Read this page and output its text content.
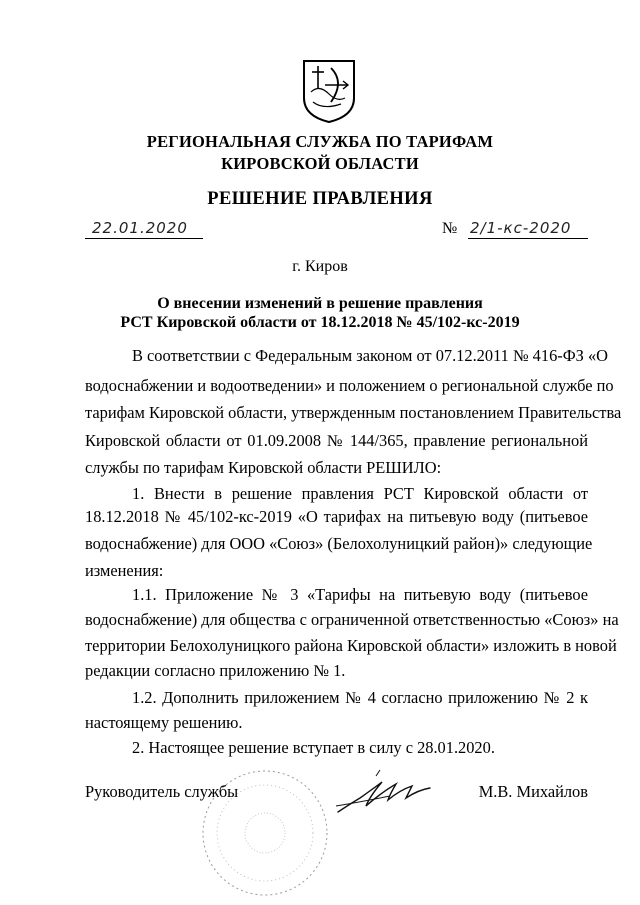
РЕГИОНАЛЬНАЯ СЛУЖБА ПО ТАРИФАМ
КИРОВСКОЙ ОБЛАСТИ
РЕШЕНИЕ ПРАВЛЕНИЯ
22.01.2020	№ 2/1-кс-2020
г. Киров
О внесении изменений в решение правления
РСТ Кировской области от 18.12.2018 № 45/102-кс-2019
В соответствии с Федеральным законом от 07.12.2011 № 416-ФЗ «О
водоснабжении и водоотведении» и положением о региональной службе по
тарифам Кировской области, утвержденным постановлением Правительства
Кировской области от 01.09.2008 № 144/365, правление региональной
службы по тарифам Кировской области РЕШИЛО:
1. Внести в решение правления РСТ Кировской области от
18.12.2018 № 45/102-кс-2019 «О тарифах на питьевую воду (питьевое
водоснабжение) для ООО «Союз» (Белохолуницкий район)» следующие
изменения:
1.1. Приложение № 3 «Тарифы на питьевую воду (питьевое
водоснабжение) для общества с ограниченной ответственностью «Союз» на
территории Белохолуницкого района Кировской области» изложить в новой
редакции согласно приложению № 1.
1.2. Дополнить приложением № 4 согласно приложению № 2 к
настоящему решению.
2. Настоящее решение вступает в силу с 28.01.2020.
Руководитель службы	М.В. Михайлов
